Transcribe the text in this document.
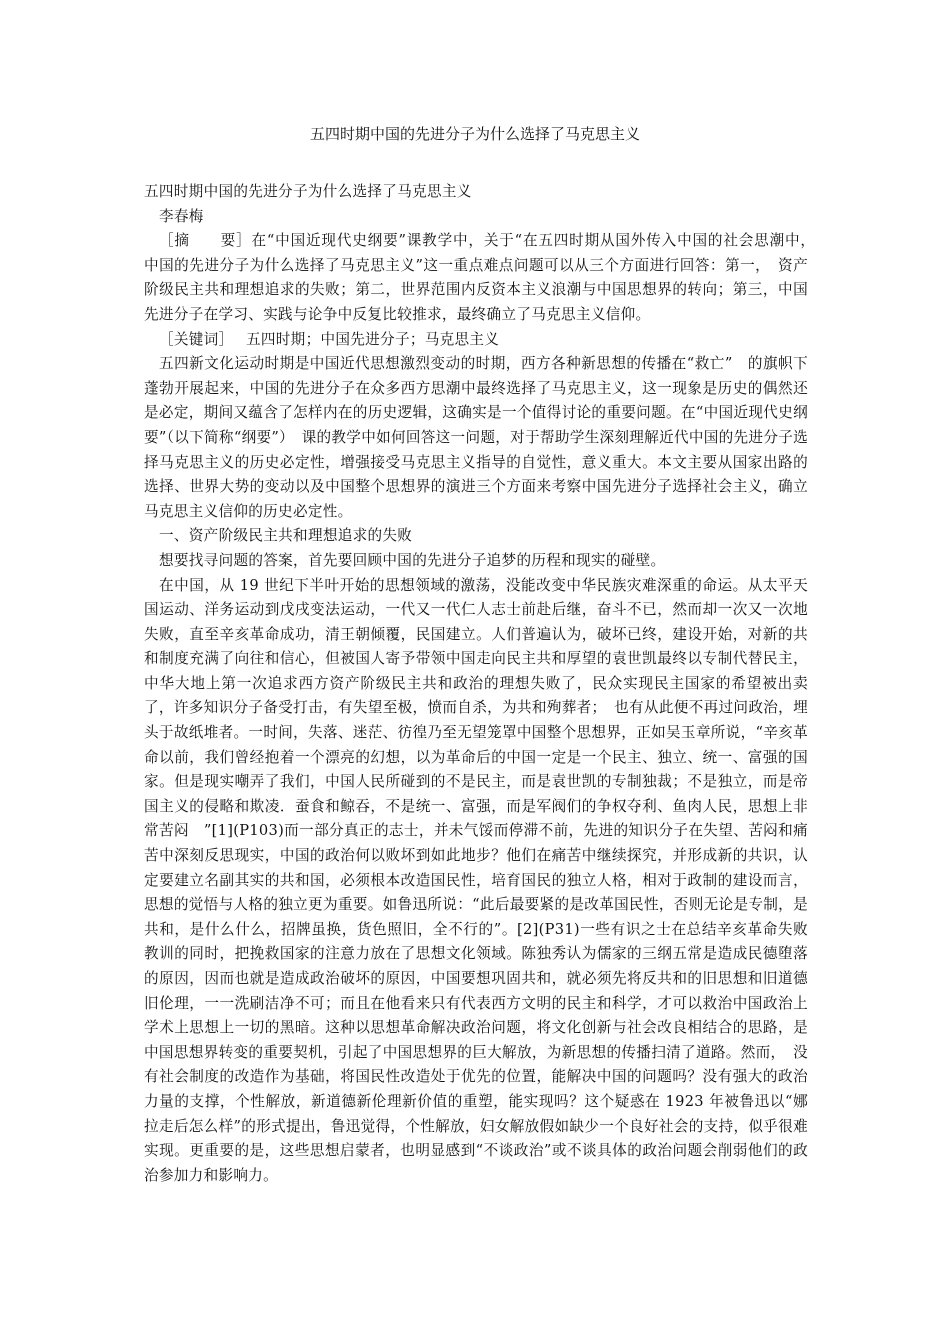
五四时期中国的先进分子为什么选择了马克思主义

五四时期中国的先进分子为什么选择了马克思主义

李春梅

［摘　　要］在“中国近现代史纲要”课教学中，关于“在五四时期从国外传入中国的社会思潮中，　中国的先进分子为什么选择了马克思主义”这一重点难点问题可以从三个方面进行回答：第一，　资产阶级民主共和理想追求的失败；第二，世界范围内反资本主义浪潮与中国思想界的转向；第三，中国先进分子在学习、实践与论争中反复比较推求，最终确立了马克思主义信仰。

［关键词］　 五四时期；中国先进分子；马克思主义

五四新文化运动时期是中国近代思想激烈变动的时期，西方各种新思想的传播在“救亡”　的旗帜下蓬勃开展起来，中国的先进分子在众多西方思潮中最终选择了马克思主义，这一现象是历史的偶然还是必定，期间又蕴含了怎样内在的历史逻辑，这确实是一个值得讨论的重要问题。在“中国近现代史纲要”（以下简称“纲要”）　课的教学中如何回答这一问题，对于帮助学生深刻理解近代中国的先进分子选择马克思主义的历史必定性，增强接受马克思主义指导的自觉性，意义重大。本文主要从国家出路的选择、世界大势的变动以及中国整个思想界的演进三个方面来考察中国先进分子选择社会主义，确立马克思主义信仰的历史必定性。

一、资产阶级民主共和理想追求的失败

想要找寻问题的答案，首先要回顾中国的先进分子追梦的历程和现实的碰壁。

在中国，从 19 世纪下半叶开始的思想领域的激荡，没能改变中华民族灾难深重的命运。从太平天国运动、洋务运动到戊戌变法运动，一代又一代仁人志士前赴后继，奋斗不已，然而却一次又一次地失败，直至辛亥革命成功，清王朝倾覆，民国建立。人们普遍认为，破坏已终，建设开始，对新的共和制度充满了向往和信心，但被国人寄予带领中国走向民主共和厚望的袁世凯最终以专制代替民主，中华大地上第一次追求西方资产阶级民主共和政治的理想失败了，民众实现民主国家的希望被出卖了，许多知识分子备受打击，有失望至极，愤而自杀，为共和殉葬者；　也有从此便不再过问政治，埋头于故纸堆者。一时间，失落、迷茫、彷徨乃至无望笼罩中国整个思想界，正如吴玉章所说，“辛亥革命以前，我们曾经抱着一个漂亮的幻想，以为革命后的中国一定是一个民主、独立、统一、富强的国家。但是现实嘲弄了我们，中国人民所碰到的不是民主，而是袁世凯的专制独裁；不是独立，而是帝国主义的侵略和欺凌．蚕食和鲸吞，不是统一、富强，而是军阀们的争权夺利、鱼肉人民，思想上非常苦闷　”[1](P103)而一部分真正的志士，并未气馁而停滞不前，先进的知识分子在失望、苦闷和痛苦中深刻反思现实，中国的政治何以败坏到如此地步？他们在痛苦中继续探究，并形成新的共识，认定要建立名副其实的共和国，必须根本改造国民性，培育国民的独立人格，相对于政制的建设而言，思想的觉悟与人格的独立更为重要。如鲁迅所说：“此后最要紧的是改革国民性，否则无论是专制，是共和，是什么什么，招牌虽换，货色照旧，全不行的”。[2](P31)一些有识之士在总结辛亥革命失败教训的同时，把挽救国家的注意力放在了思想文化领域。陈独秀认为儒家的三纲五常是造成民德堕落的原因，因而也就是造成政治破坏的原因，中国要想巩固共和，就必须先将反共和的旧思想和旧道德旧伦理，一一洗刷洁净不可；而且在他看来只有代表西方文明的民主和科学，才可以救治中国政治上学术上思想上一切的黑暗。这种以思想革命解决政治问题，将文化创新与社会改良相结合的思路，是中国思想界转变的重要契机，引起了中国思想界的巨大解放，为新思想的传播扫清了道路。然而，　没有社会制度的改造作为基础，将国民性改造处于优先的位置，能解决中国的问题吗？没有强大的政治力量的支撑，个性解放，新道德新伦理新价值的重塑，能实现吗？这个疑惑在 1923 年被鲁迅以“娜拉走后怎么样”的形式提出，鲁迅觉得，个性解放，妇女解放假如缺少一个良好社会的支持，似乎很难实现。更重要的是，这些思想启蒙者，也明显感到“不谈政治”或不谈具体的政治问题会削弱他们的政治参加力和影响力。
